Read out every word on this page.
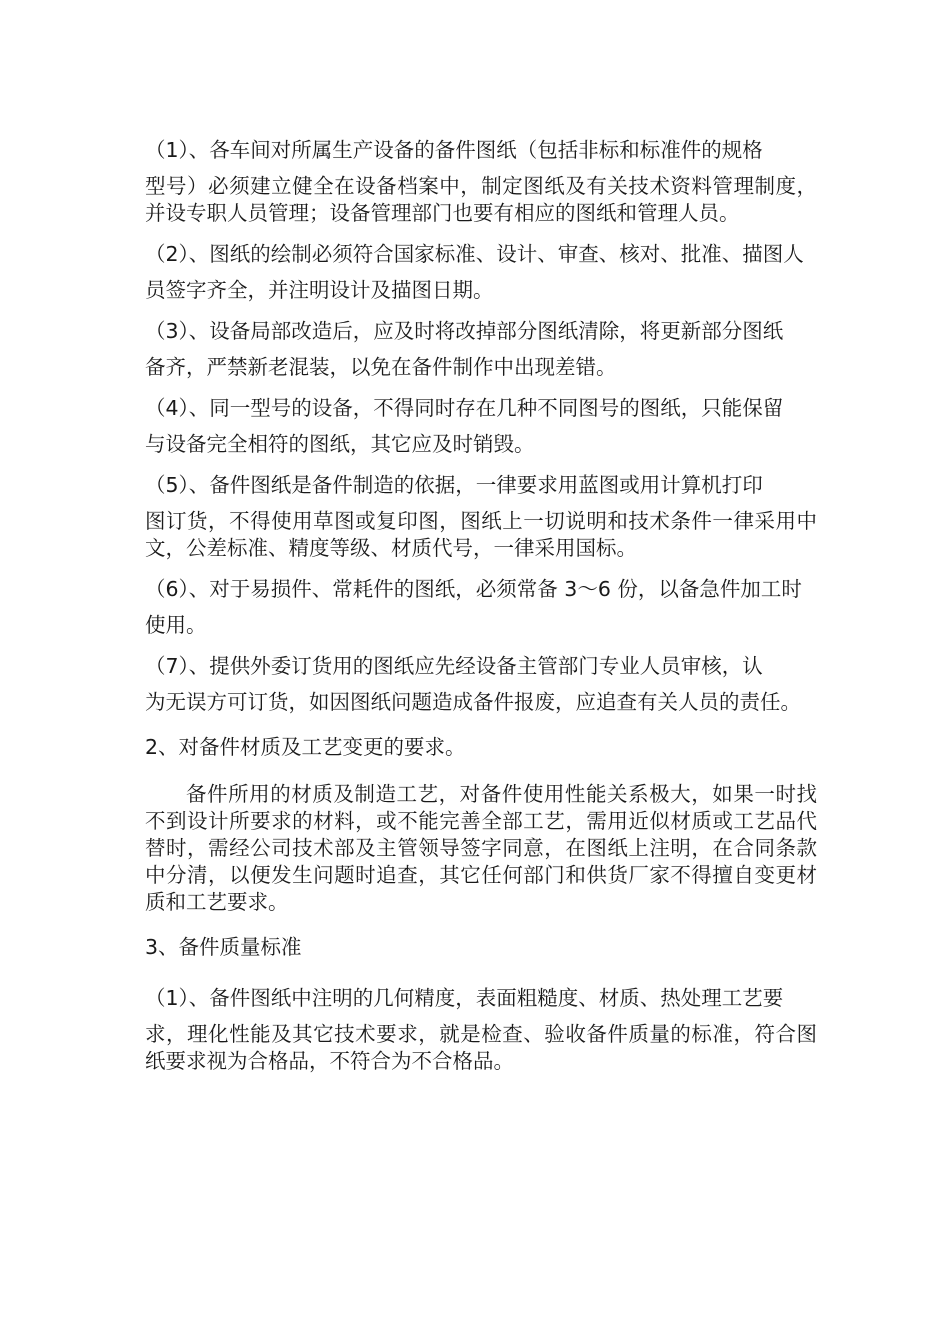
（1）、各车间对所属生产设备的备件图纸（包括非标和标准件的规格
型号）必须建立健全在设备档案中，制定图纸及有关技术资料管理制度，并设专职人员管理；设备管理部门也要有相应的图纸和管理人员。

（2）、图纸的绘制必须符合国家标准、设计、审查、核对、批准、描图人
员签字齐全，并注明设计及描图日期。

（3）、设备局部改造后，应及时将改掉部分图纸清除，将更新部分图纸
备齐，严禁新老混装，以免在备件制作中出现差错。

（4）、同一型号的设备，不得同时存在几种不同图号的图纸，只能保留
与设备完全相符的图纸，其它应及时销毁。

（5）、备件图纸是备件制造的依据，一律要求用蓝图或用计算机打印
图订货，不得使用草图或复印图，图纸上一切说明和技术条件一律采用中文，公差标准、精度等级、材质代号，一律采用国标。

（6）、对于易损件、常耗件的图纸，必须常备 3～6 份，以备急件加工时
使用。

（7）、提供外委订货用的图纸应先经设备主管部门专业人员审核，认
为无误方可订货，如因图纸问题造成备件报废，应追查有关人员的责任。

2、对备件材质及工艺变更的要求。

备件所用的材质及制造工艺，对备件使用性能关系极大，如果一时找不到设计所要求的材料，或不能完善全部工艺，需用近似材质或工艺品代替时，需经公司技术部及主管领导签字同意，在图纸上注明，在合同条款中分清，以便发生问题时追查，其它任何部门和供货厂家不得擅自变更材质和工艺要求。

3、备件质量标准

（1）、备件图纸中注明的几何精度，表面粗糙度、材质、热处理工艺要
求，理化性能及其它技术要求，就是检查、验收备件质量的标准，符合图纸要求视为合格品，不符合为不合格品。
